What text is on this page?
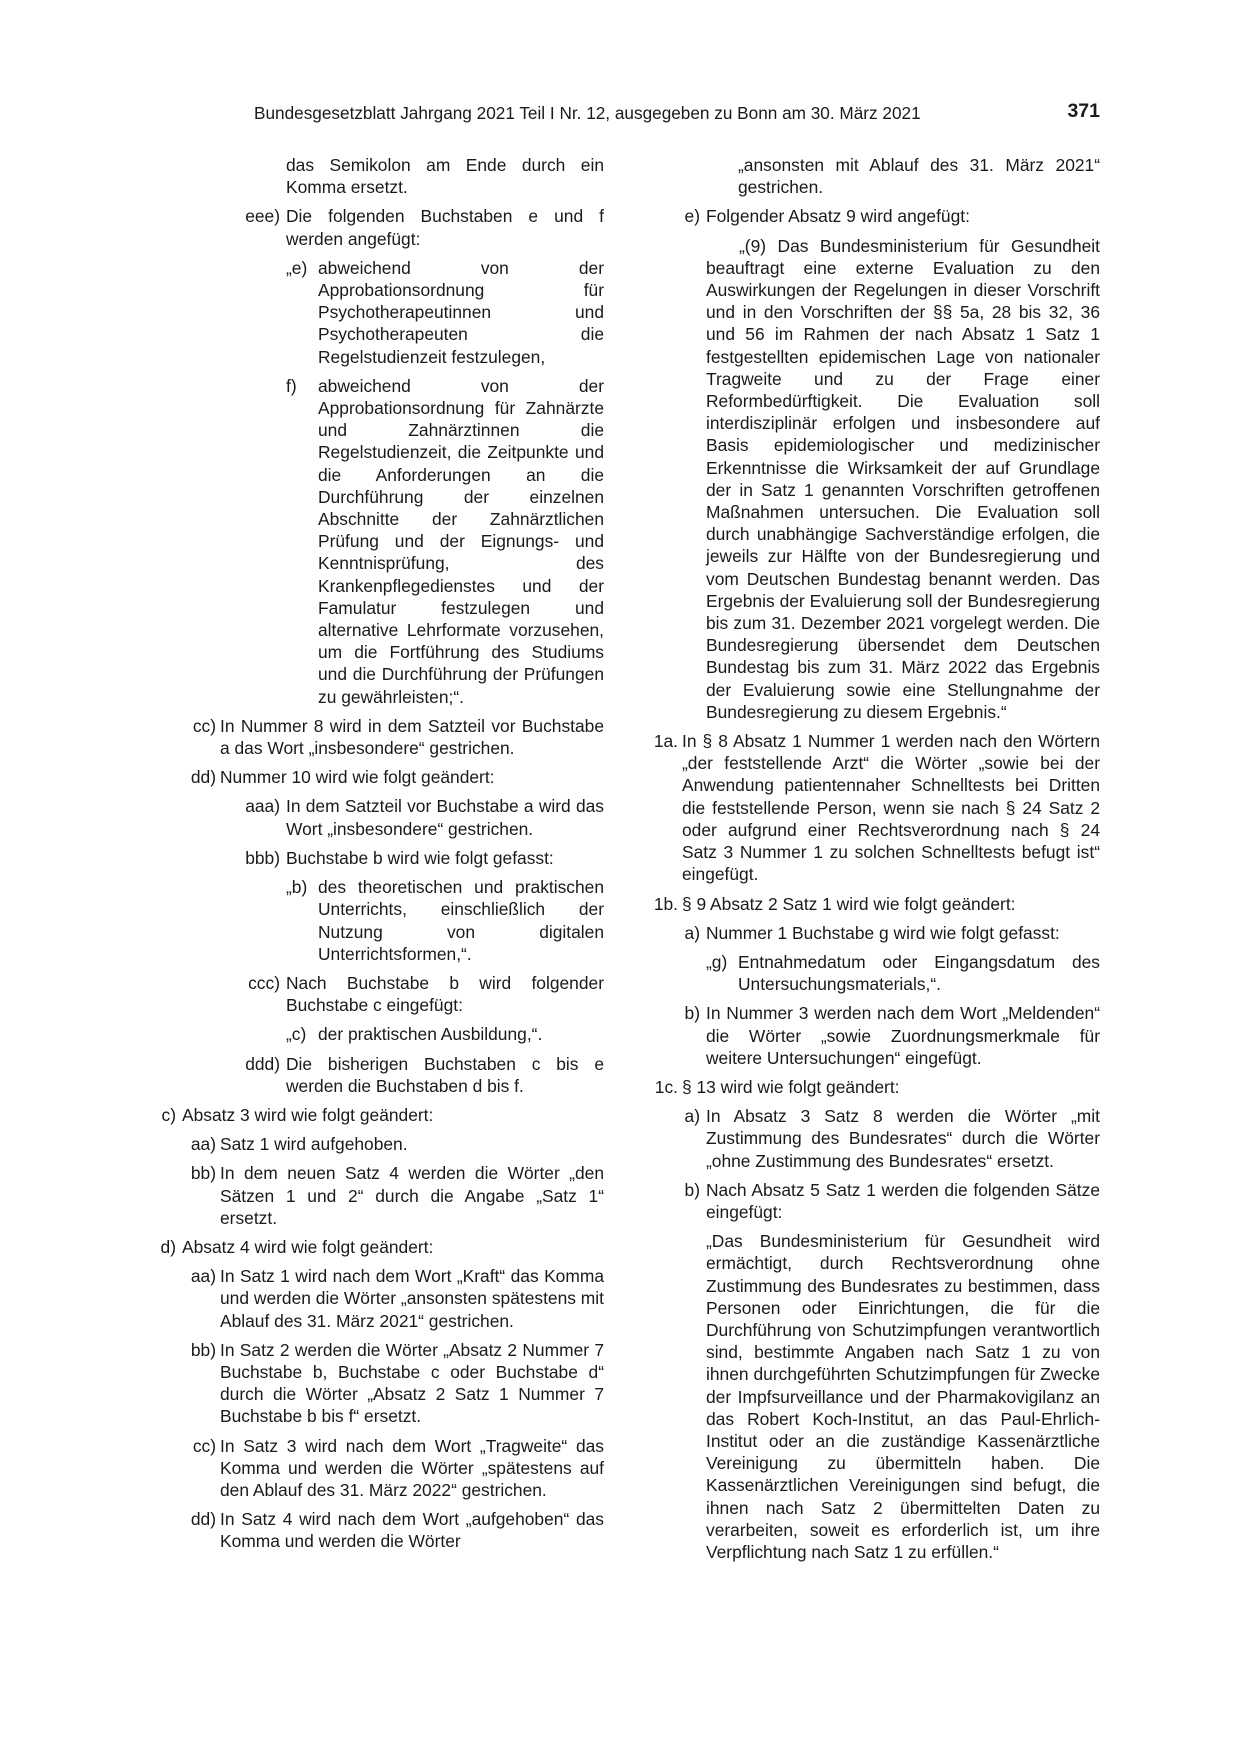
Bundesgesetzblatt Jahrgang 2021 Teil I Nr. 12, ausgegeben zu Bonn am 30. März 2021	371

das Semikolon am Ende durch ein Komma ersetzt.

eee) Die folgenden Buchstaben e und f werden angefügt:
„e) abweichend von der Approbationsordnung für Psychotherapeutinnen und Psychotherapeuten die Regelstudienzeit festzulegen,
f) abweichend von der Approbationsordnung für Zahnärzte und Zahnärztinnen die Regelstudienzeit, die Zeitpunkte und die Anforderungen an die Durchführung der einzelnen Abschnitte der Zahnärztlichen Prüfung und der Eignungs- und Kenntnisprüfung, des Krankenpflegedienstes und der Famulatur festzulegen und alternative Lehrformate vorzusehen, um die Fortführung des Studiums und die Durchführung der Prüfungen zu gewährleisten;“.
cc) In Nummer 8 wird in dem Satzteil vor Buchstabe a das Wort „insbesondere“ gestrichen.
dd) Nummer 10 wird wie folgt geändert:
aaa) In dem Satzteil vor Buchstabe a wird das Wort „insbesondere“ gestrichen.
bbb) Buchstabe b wird wie folgt gefasst:
„b) des theoretischen und praktischen Unterrichts, einschließlich der Nutzung von digitalen Unterrichtsformen,“.
ccc) Nach Buchstabe b wird folgender Buchstabe c eingefügt:
„c) der praktischen Ausbildung,“.
ddd) Die bisherigen Buchstaben c bis e werden die Buchstaben d bis f.
c) Absatz 3 wird wie folgt geändert:
aa) Satz 1 wird aufgehoben.
bb) In dem neuen Satz 4 werden die Wörter „den Sätzen 1 und 2“ durch die Angabe „Satz 1“ ersetzt.
d) Absatz 4 wird wie folgt geändert:
aa) In Satz 1 wird nach dem Wort „Kraft“ das Komma und werden die Wörter „ansonsten spätestens mit Ablauf des 31. März 2021“ gestrichen.
bb) In Satz 2 werden die Wörter „Absatz 2 Nummer 7 Buchstabe b, Buchstabe c oder Buchstabe d“ durch die Wörter „Absatz 2 Satz 1 Nummer 7 Buchstabe b bis f“ ersetzt.
cc) In Satz 3 wird nach dem Wort „Tragweite“ das Komma und werden die Wörter „spätestens auf den Ablauf des 31. März 2022“ gestrichen.
dd) In Satz 4 wird nach dem Wort „aufgehoben“ das Komma und werden die Wörter

„ansonsten mit Ablauf des 31. März 2021“ gestrichen.

e) Folgender Absatz 9 wird angefügt:

„(9) Das Bundesministerium für Gesundheit beauftragt eine externe Evaluation zu den Auswirkungen der Regelungen in dieser Vorschrift und in den Vorschriften der §§ 5a, 28 bis 32, 36 und 56 im Rahmen der nach Absatz 1 Satz 1 festgestellten epidemischen Lage von nationaler Tragweite und zu der Frage einer Reformbedürftigkeit. Die Evaluation soll interdisziplinär erfolgen und insbesondere auf Basis epidemiologischer und medizinischer Erkenntnisse die Wirksamkeit der auf Grundlage der in Satz 1 genannten Vorschriften getroffenen Maßnahmen untersuchen. Die Evaluation soll durch unabhängige Sachverständige erfolgen, die jeweils zur Hälfte von der Bundesregierung und vom Deutschen Bundestag benannt werden. Das Ergebnis der Evaluierung soll der Bundesregierung bis zum 31. Dezember 2021 vorgelegt werden. Die Bundesregierung übersendet dem Deutschen Bundestag bis zum 31. März 2022 das Ergebnis der Evaluierung sowie eine Stellungnahme der Bundesregierung zu diesem Ergebnis.“

1a. In § 8 Absatz 1 Nummer 1 werden nach den Wörtern „der feststellende Arzt“ die Wörter „sowie bei der Anwendung patientennaher Schnelltests bei Dritten die feststellende Person, wenn sie nach § 24 Satz 2 oder aufgrund einer Rechtsverordnung nach § 24 Satz 3 Nummer 1 zu solchen Schnelltests befugt ist“ eingefügt.
1b. § 9 Absatz 2 Satz 1 wird wie folgt geändert:
a) Nummer 1 Buchstabe g wird wie folgt gefasst:
„g) Entnahmedatum oder Eingangsdatum des Untersuchungsmaterials,“.
b) In Nummer 3 werden nach dem Wort „Meldenden“ die Wörter „sowie Zuordnungsmerkmale für weitere Untersuchungen“ eingefügt.
1c. § 13 wird wie folgt geändert:
a) In Absatz 3 Satz 8 werden die Wörter „mit Zustimmung des Bundesrates“ durch die Wörter „ohne Zustimmung des Bundesrates“ ersetzt.
b) Nach Absatz 5 Satz 1 werden die folgenden Sätze eingefügt:

„Das Bundesministerium für Gesundheit wird ermächtigt, durch Rechtsverordnung ohne Zustimmung des Bundesrates zu bestimmen, dass Personen oder Einrichtungen, die für die Durchführung von Schutzimpfungen verantwortlich sind, bestimmte Angaben nach Satz 1 zu von ihnen durchgeführten Schutzimpfungen für Zwecke der Impfsurveillance und der Pharmakovigilanz an das Robert Koch-Institut, an das Paul-Ehrlich-Institut oder an die zuständige Kassenärztliche Vereinigung zu übermitteln haben. Die Kassenärztlichen Vereinigungen sind befugt, die ihnen nach Satz 2 übermittelten Daten zu verarbeiten, soweit es erforderlich ist, um ihre Verpflichtung nach Satz 1 zu erfüllen.“
